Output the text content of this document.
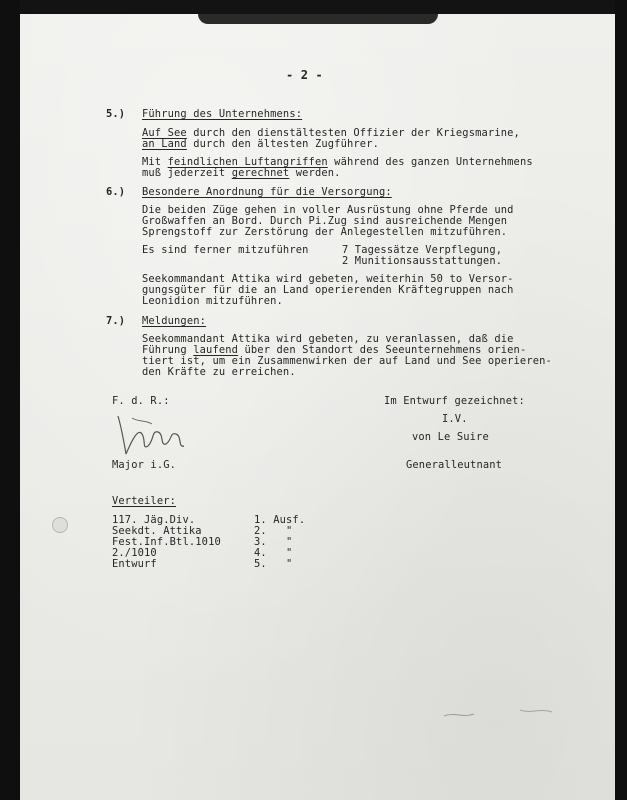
- 2 -
5.) Führung des Unternehmens:
Auf See durch den dienstältesten Offizier der Kriegsmarine,
an Land durch den ältesten Zugführer.
Mit feindlichen Luftangriffen während des ganzen Unternehmens
muß jederzeit gerechnet werden.
6.) Besondere Anordnung für die Versorgung:
Die beiden Züge gehen in voller Ausrüstung ohne Pferde und
Großwaffen an Bord. Durch Pi.Zug sind ausreichende Mengen
Sprengstoff zur Zerstörung der Anlegestellen mitzuführen.
Es sind ferner mitzuführen	7 Tagessätze Verpflegung,
2 Munitionsausstattungen.
Seekommandant Attika wird gebeten, weiterhin 50 to Versor-
gungsgüter für die an Land operierenden Kräftegruppen nach
Leonidion mitzuführen.
7.) Meldungen:
Seekommandant Attika wird gebeten, zu veranlassen, daß die
Führung laufend über den Standort des Seeunternehmens orien-
tiert ist, um ein Zusammenwirken der auf Land und See operieren-
den Kräfte zu erreichen.
F. d. R.:
Major i.G.
Im Entwurf gezeichnet:
I.V.
von Le Suire
Generalleutnant
Verteiler:
117. Jäg.Div.	1. Ausf.
Seekdt. Attika	2.   "
Fest.Inf.Btl.1010	3.   "
2./1010	4.   "
Entwurf	5.   "
